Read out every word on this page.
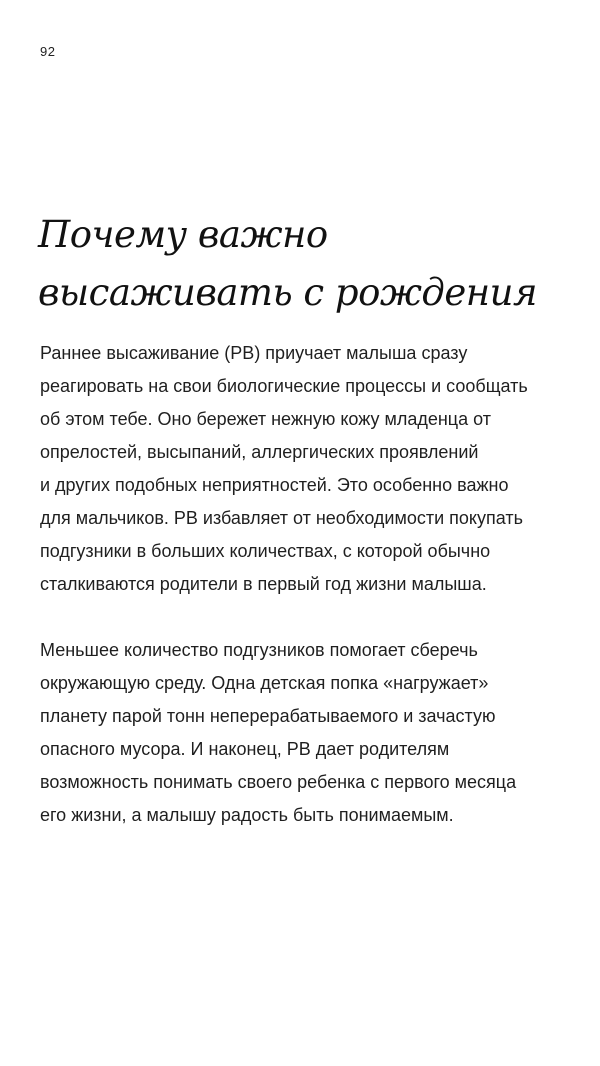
92
Почему важно
высаживать с рождения

Раннее высаживание (РВ) приучает малыша сразу
реагировать на свои биологические процессы и сообщать
об этом тебе. Оно бережет нежную кожу младенца от
опрелостей, высыпаний, аллергических проявлений
и других подобных неприятностей. Это особенно важно
для мальчиков. РВ избавляет от необходимости покупать
подгузники в больших количествах, с которой обычно
сталкиваются родители в первый год жизни малыша.

Меньшее количество подгузников помогает сберечь
окружающую среду. Одна детская попка «нагружает»
планету парой тонн неперерабатываемого и зачастую
опасного мусора. И наконец, РВ дает родителям
возможность понимать своего ребенка с первого месяца
его жизни, а малышу радость быть понимаемым.
